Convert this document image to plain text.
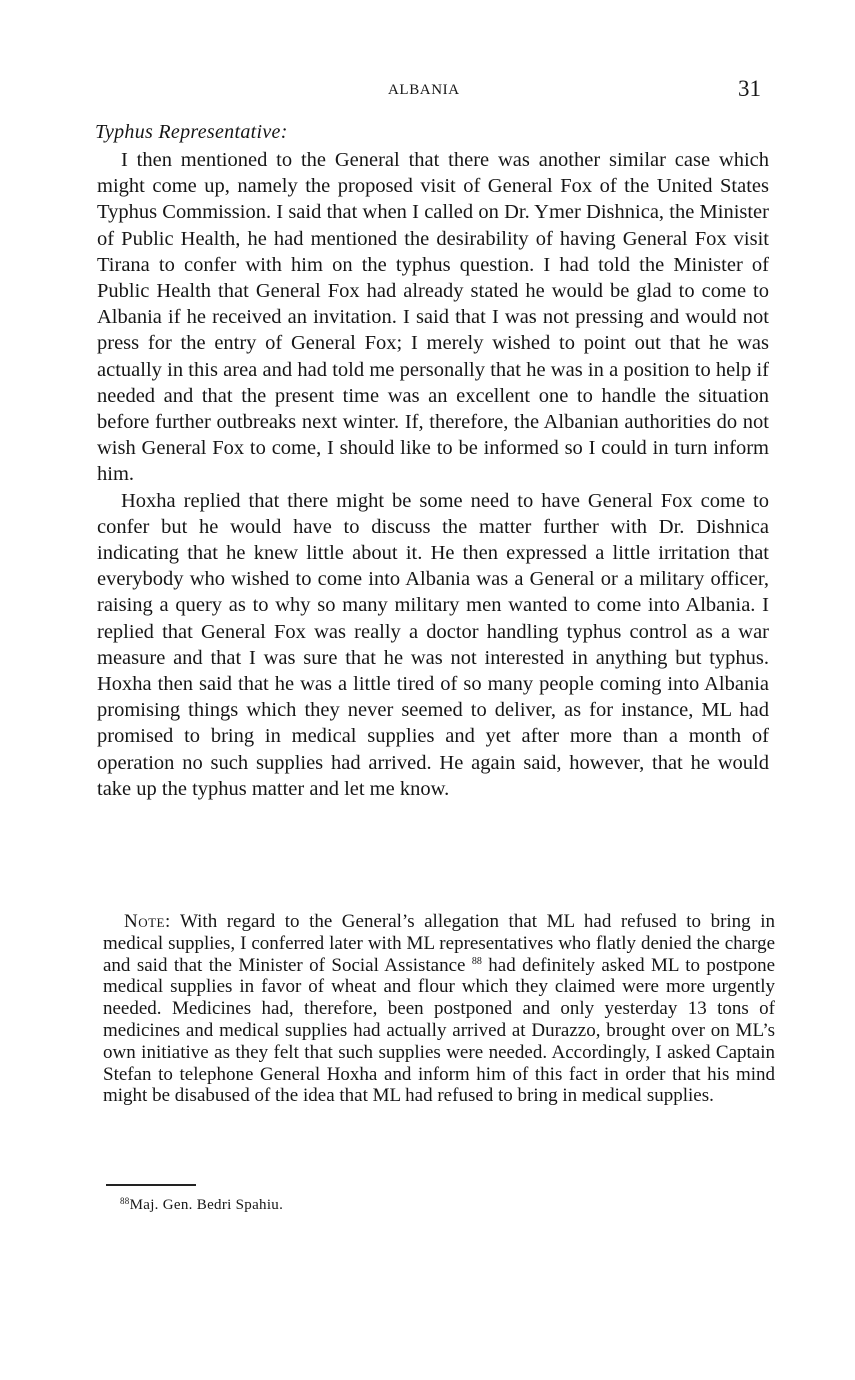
ALBANIA	31
Typhus Representative:

I then mentioned to the General that there was another similar case which might come up, namely the proposed visit of General Fox of the United States Typhus Commission. I said that when I called on Dr. Ymer Dishnica, the Minister of Public Health, he had mentioned the desirability of having General Fox visit Tirana to confer with him on the typhus question. I had told the Minister of Public Health that General Fox had already stated he would be glad to come to Albania if he received an invitation. I said that I was not pressing and would not press for the entry of General Fox; I merely wished to point out that he was actually in this area and had told me personally that he was in a position to help if needed and that the present time was an excellent one to handle the situation before further outbreaks next winter. If, therefore, the Albanian authorities do not wish General Fox to come, I should like to be informed so I could in turn inform him.

Hoxha replied that there might be some need to have General Fox come to confer but he would have to discuss the matter further with Dr. Dishnica indicating that he knew little about it. He then expressed a little irritation that everybody who wished to come into Albania was a General or a military officer, raising a query as to why so many military men wanted to come into Albania. I replied that General Fox was really a doctor handling typhus control as a war measure and that I was sure that he was not interested in anything but typhus. Hoxha then said that he was a little tired of so many people coming into Albania promising things which they never seemed to deliver, as for instance, ML had promised to bring in medical supplies and yet after more than a month of operation no such supplies had arrived. He again said, however, that he would take up the typhus matter and let me know.

Note: With regard to the General’s allegation that ML had refused to bring in medical supplies, I conferred later with ML representatives who flatly denied the charge and said that the Minister of Social Assistance $^{88}$ had definitely asked ML to postpone medical supplies in favor of wheat and flour which they claimed were more urgently needed. Medicines had, therefore, been postponed and only yesterday 13 tons of medicines and medical supplies had actually arrived at Durazzo, brought over on ML’s own initiative as they felt that such supplies were needed. Accordingly, I asked Captain Stefan to telephone General Hoxha and inform him of this fact in order that his mind might be disabused of the idea that ML had refused to bring in medical supplies.

$^{88}$Maj. Gen. Bedri Spahiu.
